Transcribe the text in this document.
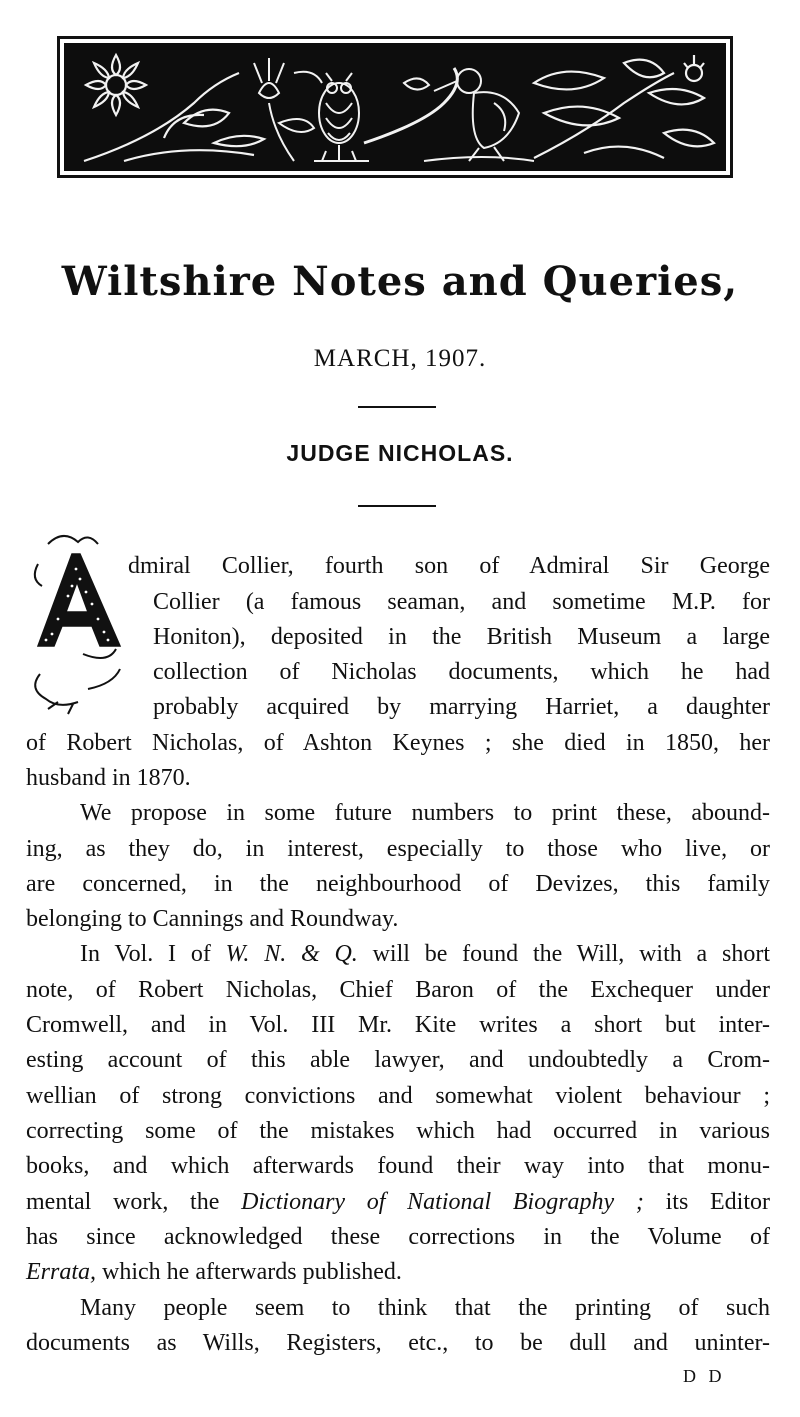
Wiltshire Notes and Queries,
MARCH, 1907.
JUDGE NICHOLAS.
dmiral Collier, fourth son of Admiral Sir George
Collier (a famous seaman, and sometime M.P. for
Honiton), deposited in the British Museum a large
collection of Nicholas documents, which he had
probably acquired by marrying Harriet, a daughter
of Robert Nicholas, of Ashton Keynes ; she died in 1850, her
husband in 1870.
We propose in some future numbers to print these, abound-
ing, as they do, in interest, especially to those who live, or
are concerned, in the neighbourhood of Devizes, this family
belonging to Cannings and Roundway.
In Vol. I of W. N. & Q. will be found the Will, with a short
note, of Robert Nicholas, Chief Baron of the Exchequer under
Cromwell, and in Vol. III Mr. Kite writes a short but inter-
esting account of this able lawyer, and undoubtedly a Crom-
wellian of strong convictions and somewhat violent behaviour ;
correcting some of the mistakes which had occurred in various
books, and which afterwards found their way into that monu-
mental work, the Dictionary of National Biography ; its Editor
has since acknowledged these corrections in the Volume of
Errata, which he afterwards published.
Many people seem to think that the printing of such
documents as Wills, Registers, etc., to be dull and uninter-
D D
